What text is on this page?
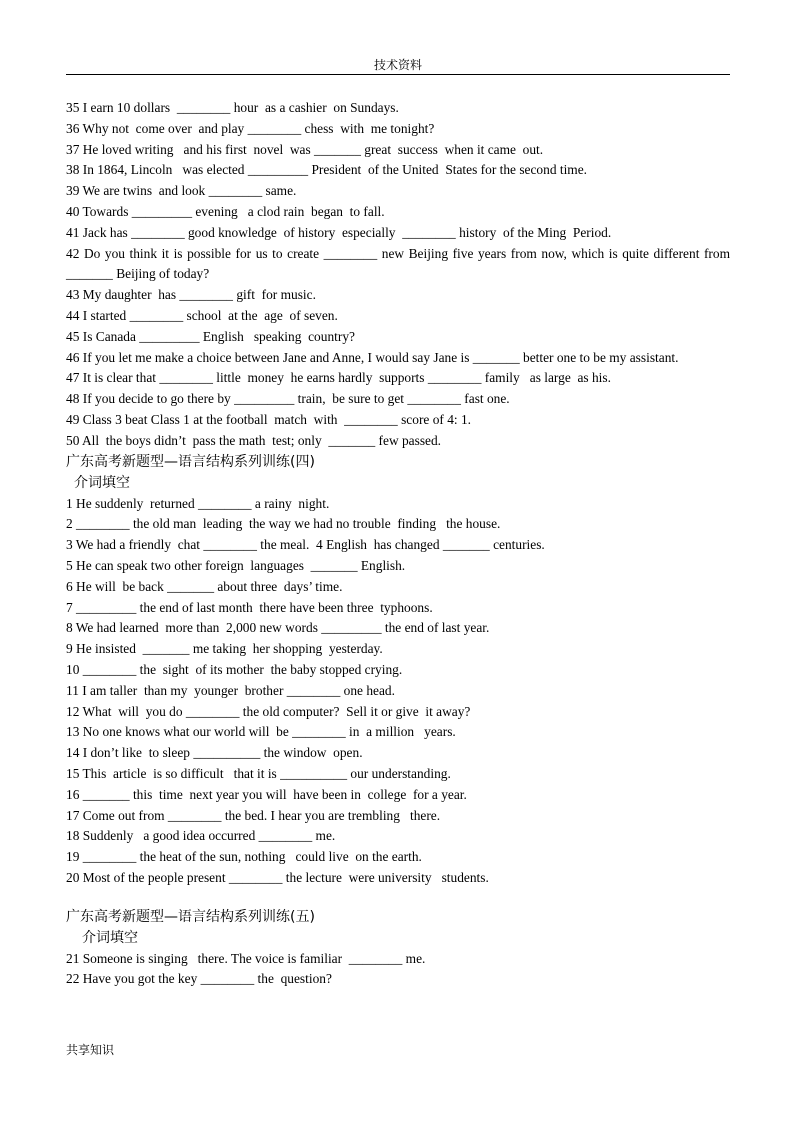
技术资料
35 I earn 10 dollars  ________ hour  as a cashier  on Sundays.
36 Why not  come over  and play ________ chess  with  me tonight?
37 He loved writing   and his first  novel  was _______ great  success  when it came  out.
38 In 1864, Lincoln   was elected _________ President  of the United  States for the second time.
39 We are twins  and look ________ same.
40 Towards _________ evening   a clod rain  began  to fall.
41 Jack has ________ good knowledge  of history  especially  ________ history  of the Ming  Period.
42 Do you think it is possible for us to create ________ new Beijing five years from now, which is quite different from _______ Beijing of today?
43 My daughter  has ________ gift  for music.
44 I started ________ school  at the  age  of seven.
45 Is Canada _________ English   speaking  country?
46 If you let me make a choice between Jane and Anne, I would say Jane is _______ better one to be my assistant.
47 It is clear that ________ little  money  he earns hardly  supports ________ family   as large  as his.
48 If you decide to go there by _________ train,  be sure to get ________ fast one.
49 Class 3 beat Class 1 at the football  match  with  ________ score of 4: 1.
50 All  the boys didn’t  pass the math  test; only  _______ few passed.
广东高考新题型—语言结构系列训练(四)
介词填空
1 He suddenly  returned ________ a rainy  night.
2 ________ the old man  leading  the way we had no trouble  finding   the house.
3 We had a friendly  chat ________ the meal.  4 English  has changed _______ centuries.
5 He can speak two other foreign  languages  _______ English.
6 He will  be back _______ about three  days’ time.
7 _________ the end of last month  there have been three  typhoons.
8 We had learned  more than  2,000 new words _________ the end of last year.
9 He insisted  _______ me taking  her shopping  yesterday.
10 ________ the  sight  of its mother  the baby stopped crying.
11 I am taller  than my  younger  brother ________ one head.
12 What  will  you do ________ the old computer?  Sell it or give  it away?
13 No one knows what our world will  be ________ in  a million   years.
14 I don’t like  to sleep __________ the window  open.
15 This  article  is so difficult   that it is __________ our understanding.
16 _______ this  time  next year you will  have been in  college  for a year.
17 Come out from ________ the bed. I hear you are trembling   there.
18 Suddenly   a good idea occurred ________ me.
19 ________ the heat of the sun, nothing   could live  on the earth.
20 Most of the people present ________ the lecture  were university   students.
广东高考新题型—语言结构系列训练(五)
介词填空
21 Someone is singing   there. The voice is familiar  ________ me.
22 Have you got the key ________ the  question?
共享知识
